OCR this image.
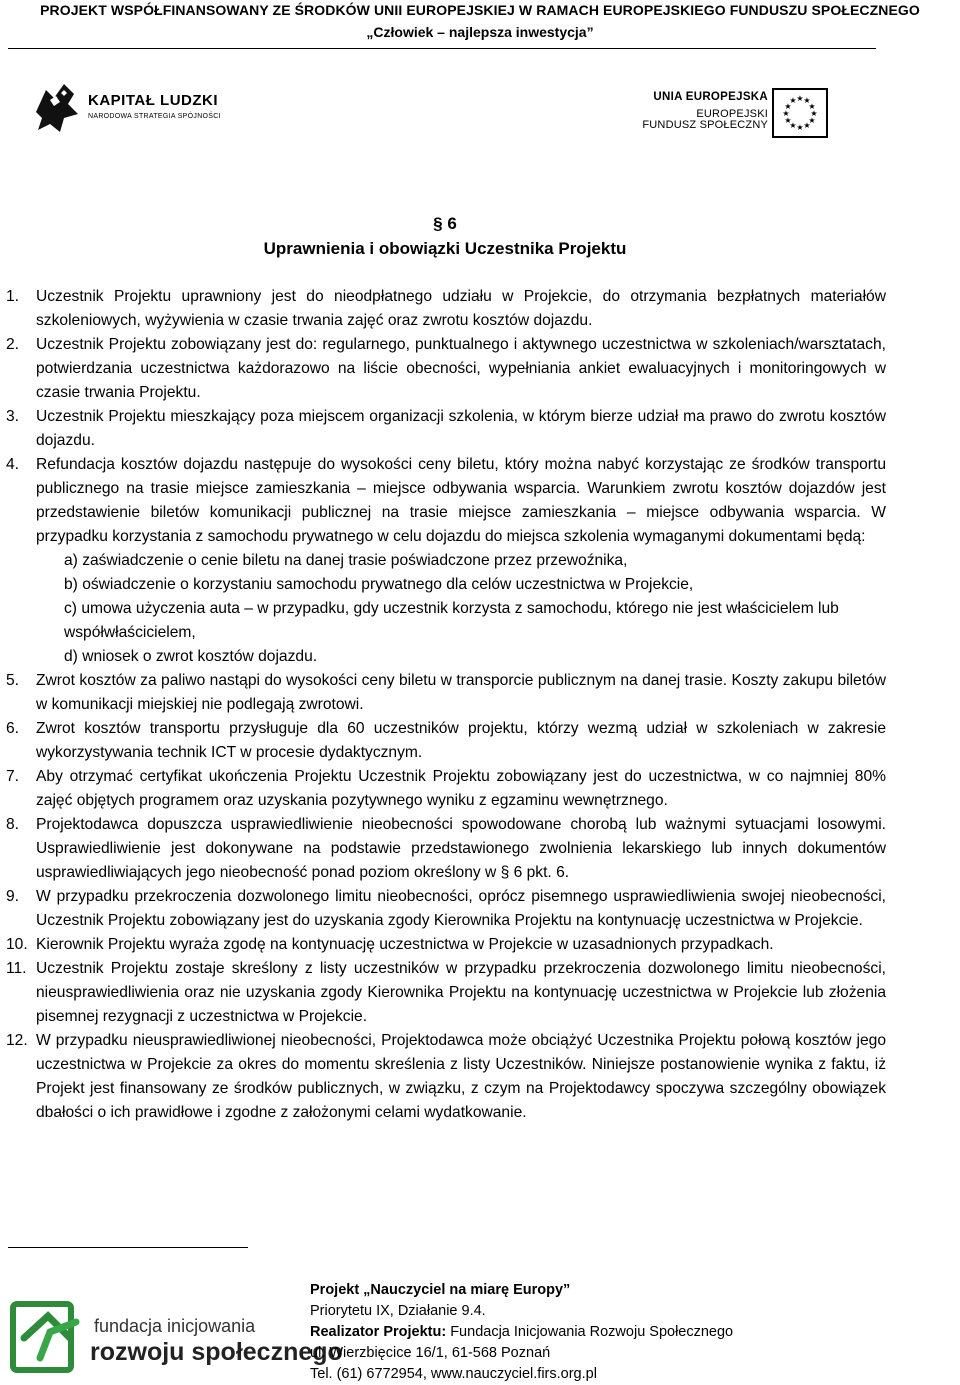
PROJEKT WSPÓŁFINANSOWANY ZE ŚRODKÓW UNII EUROPEJSKIEJ W RAMACH EUROPEJSKIEGO FUNDUSZU SPOŁECZNEGO
„Człowiek – najlepsza inwestycja”
KAPITAŁ LUDZKI
NARODOWA STRATEGIA SPÓJNOŚCI
UNIA EUROPEJSKA
EUROPEJSKI
FUNDUSZ SPOŁECZNY
★ ★
★
★
★
★
★
★
★
★
★
★
§ 6
Uprawnienia i obowiązki Uczestnika Projektu
1. Uczestnik Projektu uprawniony jest do nieodpłatnego udziału w Projekcie, do otrzymania bezpłatnych materiałów szkoleniowych, wyżywienia w czasie trwania zajęć oraz zwrotu kosztów dojazdu.
2. Uczestnik Projektu zobowiązany jest do: regularnego, punktualnego i aktywnego uczestnictwa w szkoleniach/warsztatach, potwierdzania uczestnictwa każdorazowo na liście obecności, wypełniania ankiet ewaluacyjnych i monitoringowych w czasie trwania Projektu.
3. Uczestnik Projektu mieszkający poza miejscem organizacji szkolenia, w którym bierze udział ma prawo do zwrotu kosztów dojazdu.
4. Refundacja kosztów dojazdu następuje do wysokości ceny biletu, który można nabyć korzystając ze środków transportu publicznego na trasie miejsce zamieszkania – miejsce odbywania wsparcia. Warunkiem zwrotu kosztów dojazdów jest przedstawienie biletów komunikacji publicznej na trasie miejsce zamieszkania – miejsce odbywania wsparcia. W przypadku korzystania z samochodu prywatnego w celu dojazdu do miejsca szkolenia wymaganymi dokumentami będą:
a) zaświadczenie o cenie biletu na danej trasie poświadczone przez przewoźnika,
b) oświadczenie o korzystaniu samochodu prywatnego dla celów uczestnictwa w Projekcie,
c) umowa użyczenia auta – w przypadku, gdy uczestnik korzysta z samochodu, którego nie jest właścicielem lub współwłaścicielem,
d) wniosek o zwrot kosztów dojazdu.
5. Zwrot kosztów za paliwo nastąpi do wysokości ceny biletu w transporcie publicznym na danej trasie. Koszty zakupu biletów w komunikacji miejskiej nie podlegają zwrotowi.
6. Zwrot kosztów transportu przysługuje dla 60 uczestników projektu, którzy wezmą udział w szkoleniach w zakresie wykorzystywania technik ICT w procesie dydaktycznym.
7. Aby otrzymać certyfikat ukończenia Projektu Uczestnik Projektu zobowiązany jest do uczestnictwa, w co najmniej 80% zajęć objętych programem oraz uzyskania pozytywnego wyniku z egzaminu wewnętrznego.
8. Projektodawca dopuszcza usprawiedliwienie nieobecności spowodowane chorobą lub ważnymi sytuacjami losowymi. Usprawiedliwienie jest dokonywane na podstawie przedstawionego zwolnienia lekarskiego lub innych dokumentów usprawiedliwiających jego nieobecność ponad poziom określony w § 6 pkt. 6.
9. W przypadku przekroczenia dozwolonego limitu nieobecności, oprócz pisemnego usprawiedliwienia swojej nieobecności, Uczestnik Projektu zobowiązany jest do uzyskania zgody Kierownika Projektu na kontynuację uczestnictwa w Projekcie.
10. Kierownik Projektu wyraża zgodę na kontynuację uczestnictwa w Projekcie w uzasadnionych przypadkach.
11. Uczestnik Projektu zostaje skreślony z listy uczestników w przypadku przekroczenia dozwolonego limitu nieobecności, nieusprawiedliwienia oraz nie uzyskania zgody Kierownika Projektu na kontynuację uczestnictwa w Projekcie lub złożenia pisemnej rezygnacji z uczestnictwa w Projekcie.
12. W przypadku nieusprawiedliwionej nieobecności, Projektodawca może obciążyć Uczestnika Projektu połową kosztów jego uczestnictwa w Projekcie za okres do momentu skreślenia z listy Uczestników. Niniejsze postanowienie wynika z faktu, iż Projekt jest finansowany ze środków publicznych, w związku, z czym na Projektodawcy spoczywa szczególny obowiązek dbałości o ich prawidłowe i zgodne z założonymi celami wydatkowanie.
fundacja inicjowania
rozwoju społecznego
Projekt „Nauczyciel na miarę Europy”
Priorytetu IX, Działanie 9.4.
Realizator Projektu: Fundacja Inicjowania Rozwoju Społecznego
ul. Wierzbięcice 16/1, 61-568 Poznań
Tel. (61) 6772954, www.nauczyciel.firs.org.pl
